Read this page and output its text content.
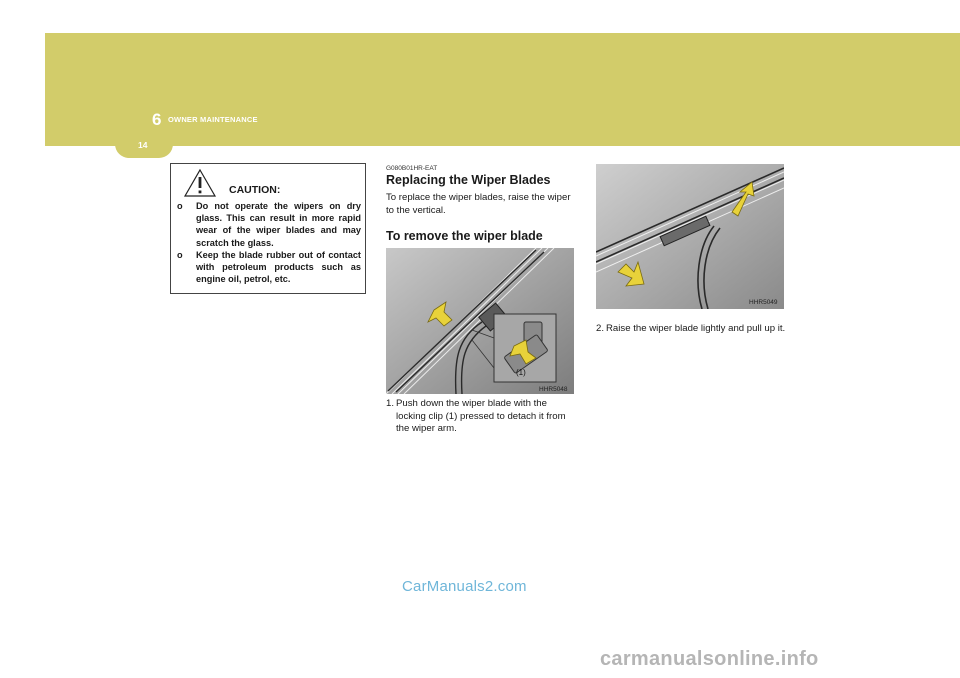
6 OWNER MAINTENANCE
14
CAUTION:
o Do not operate the wipers on dry glass. This can result in more rapid wear of the wiper blades and may scratch the glass.
o Keep the blade rubber out of contact with petroleum products such as engine oil, petrol, etc.
G080B01HR-EAT
Replacing the Wiper Blades

To replace the wiper blades, raise the wiper to the vertical.

To remove the wiper blade
(1)
HHR5048
HHR5049
1. Push down the wiper blade with the locking clip (1) pressed to detach it from the wiper arm.
2. Raise the wiper blade lightly and pull up it.
CarManuals2.com
carmanualsonline.info
